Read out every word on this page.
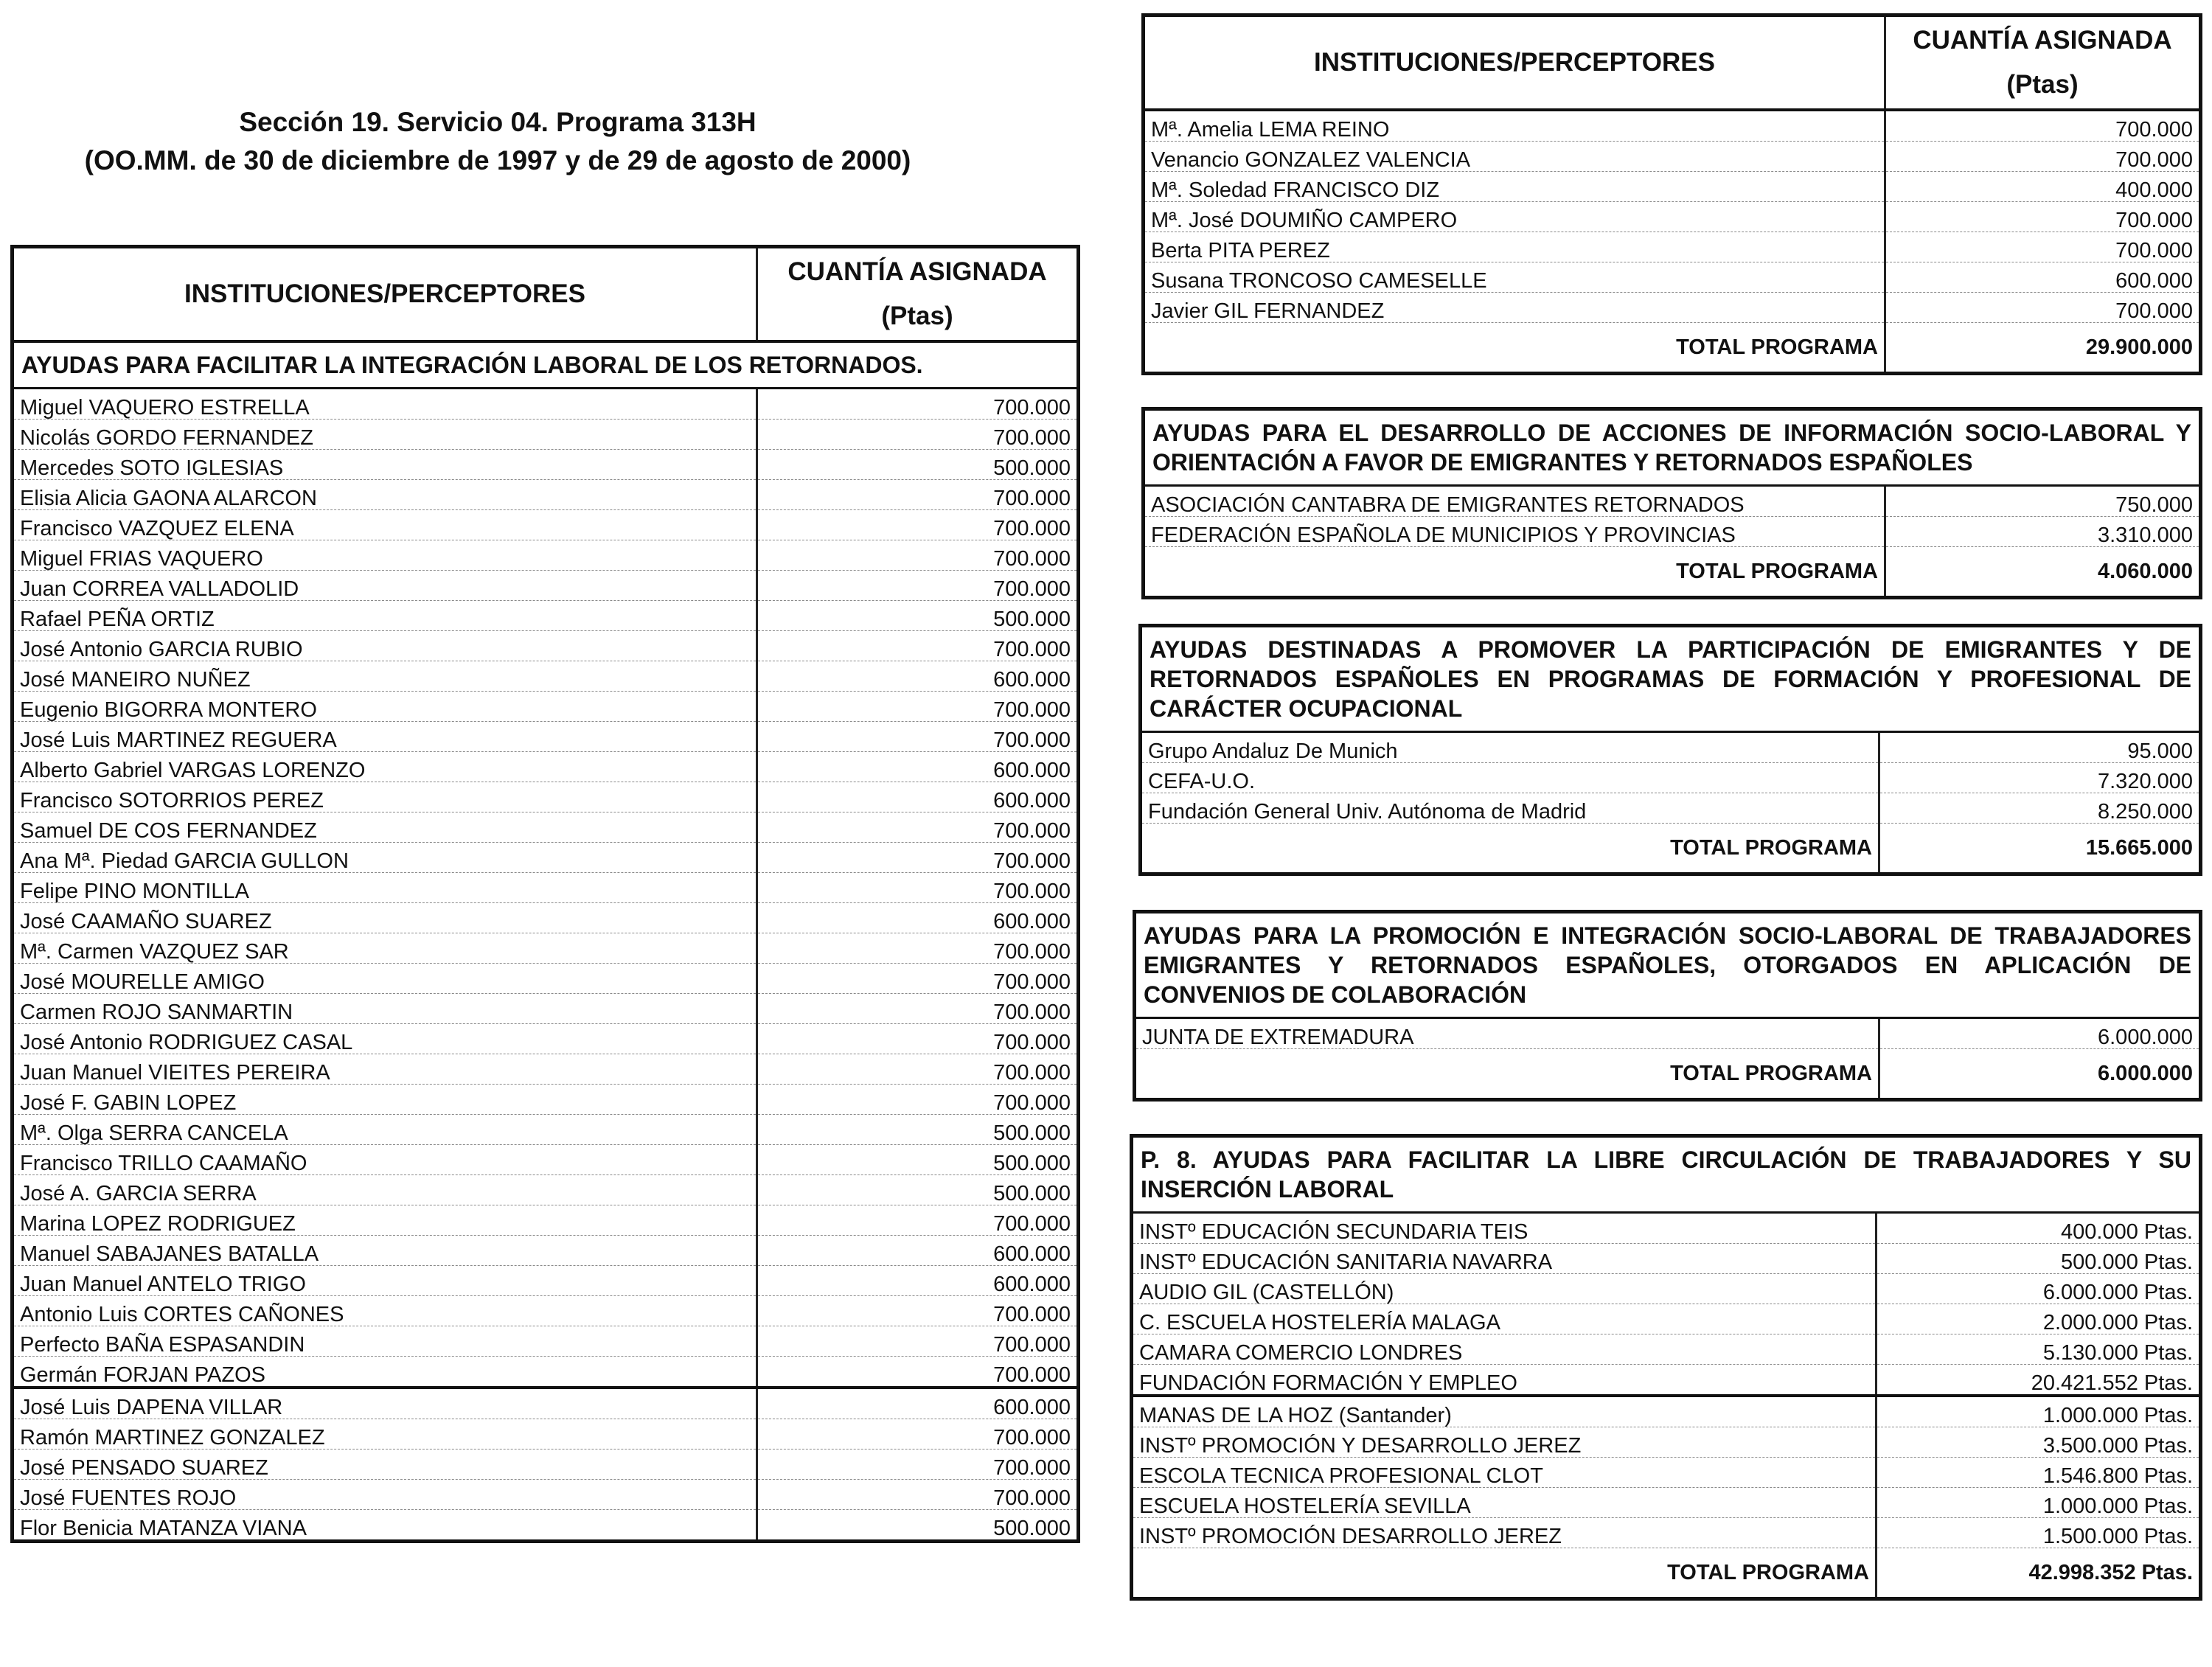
Sección 19. Servicio 04. Programa 313H
(OO.MM. de 30 de diciembre de 1997 y de 29 de agosto de 2000)
INSTITUCIONES/PERCEPTORES	CUANTÍA ASIGNADA
(Ptas)

AYUDAS PARA FACILITAR LA INTEGRACIÓN LABORAL DE LOS RETORNADOS.	
Miguel VAQUERO ESTRELLA	700.000
Nicolás GORDO FERNANDEZ	700.000
Mercedes SOTO IGLESIAS	500.000
Elisia Alicia GAONA ALARCON	700.000
Francisco VAZQUEZ ELENA	700.000
Miguel FRIAS VAQUERO	700.000
Juan CORREA VALLADOLID	700.000
Rafael PEÑA ORTIZ	500.000
José Antonio GARCIA RUBIO	700.000
José MANEIRO NUÑEZ	600.000
Eugenio BIGORRA MONTERO	700.000
José Luis MARTINEZ REGUERA	700.000
Alberto Gabriel VARGAS LORENZO	600.000
Francisco SOTORRIOS PEREZ	600.000
Samuel DE COS FERNANDEZ	700.000
Ana Mª. Piedad GARCIA GULLON	700.000
Felipe PINO MONTILLA	700.000
José CAAMAÑO SUAREZ	600.000
Mª. Carmen VAZQUEZ SAR	700.000
José MOURELLE AMIGO	700.000
Carmen ROJO SANMARTIN	700.000
José Antonio RODRIGUEZ CASAL	700.000
Juan Manuel VIEITES PEREIRA	700.000
José F. GABIN LOPEZ	700.000
Mª. Olga SERRA CANCELA	500.000
Francisco TRILLO CAAMAÑO	500.000
José A. GARCIA SERRA	500.000
Marina LOPEZ RODRIGUEZ	700.000
Manuel SABAJANES BATALLA	600.000
Juan Manuel ANTELO TRIGO	600.000
Antonio Luis CORTES CAÑONES	700.000
Perfecto BAÑA ESPASANDIN	700.000
Germán FORJAN PAZOS	700.000
José Luis DAPENA VILLAR	600.000
Ramón MARTINEZ GONZALEZ	700.000
José PENSADO SUAREZ	700.000
José FUENTES ROJO	700.000
Flor Benicia MATANZA VIANA	500.000
INSTITUCIONES/PERCEPTORES	CUANTÍA ASIGNADA
(Ptas)

Mª. Amelia LEMA REINO	700.000
Venancio GONZALEZ VALENCIA	700.000
Mª. Soledad FRANCISCO DIZ	400.000
Mª. José DOUMIÑO CAMPERO	700.000
Berta PITA PEREZ	700.000
Susana TRONCOSO CAMESELLE	600.000
Javier GIL FERNANDEZ	700.000
TOTAL PROGRAMA	29.900.000
AYUDAS PARA EL DESARROLLO DE ACCIONES DE INFORMACIÓN SOCIO-LABORAL Y ORIENTACIÓN A FAVOR DE EMIGRANTES Y RETORNADOS ESPAÑOLES	
ASOCIACIÓN CANTABRA DE EMIGRANTES RETORNADOS	750.000
FEDERACIÓN ESPAÑOLA DE MUNICIPIOS Y PROVINCIAS	3.310.000
TOTAL PROGRAMA	4.060.000
AYUDAS DESTINADAS A PROMOVER LA PARTICIPACIÓN DE EMIGRANTES Y DE RETORNADOS ESPAÑOLES EN PROGRAMAS DE FORMACIÓN Y PROFESIONAL DE CARÁCTER OCUPACIONAL	
Grupo Andaluz De Munich	95.000
CEFA-U.O.	7.320.000
Fundación General Univ. Autónoma de Madrid	8.250.000
TOTAL PROGRAMA	15.665.000
AYUDAS PARA LA PROMOCIÓN E INTEGRACIÓN SOCIO-LABORAL DE TRABAJADORES EMIGRANTES Y RETORNADOS ESPAÑOLES, OTORGADOS EN APLICACIÓN DE CONVENIOS DE COLABORACIÓN	
JUNTA DE EXTREMADURA	6.000.000
TOTAL PROGRAMA	6.000.000
P. 8. AYUDAS PARA FACILITAR LA LIBRE CIRCULACIÓN DE TRABAJADORES Y SU INSERCIÓN LABORAL	
INSTº EDUCACIÓN SECUNDARIA TEIS	400.000 Ptas.
INSTº EDUCACIÓN SANITARIA NAVARRA	500.000 Ptas.
AUDIO GIL (CASTELLÓN)	6.000.000 Ptas.
C. ESCUELA HOSTELERÍA MALAGA	2.000.000 Ptas.
CAMARA COMERCIO LONDRES	5.130.000 Ptas.
FUNDACIÓN FORMACIÓN Y EMPLEO	20.421.552 Ptas.
MANAS DE LA HOZ (Santander)	1.000.000 Ptas.
INSTº PROMOCIÓN Y DESARROLLO JEREZ	3.500.000 Ptas.
ESCOLA TECNICA PROFESIONAL CLOT	1.546.800 Ptas.
ESCUELA HOSTELERÍA SEVILLA	1.000.000 Ptas.
INSTº PROMOCIÓN DESARROLLO JEREZ	1.500.000 Ptas.
TOTAL PROGRAMA	42.998.352 Ptas.
